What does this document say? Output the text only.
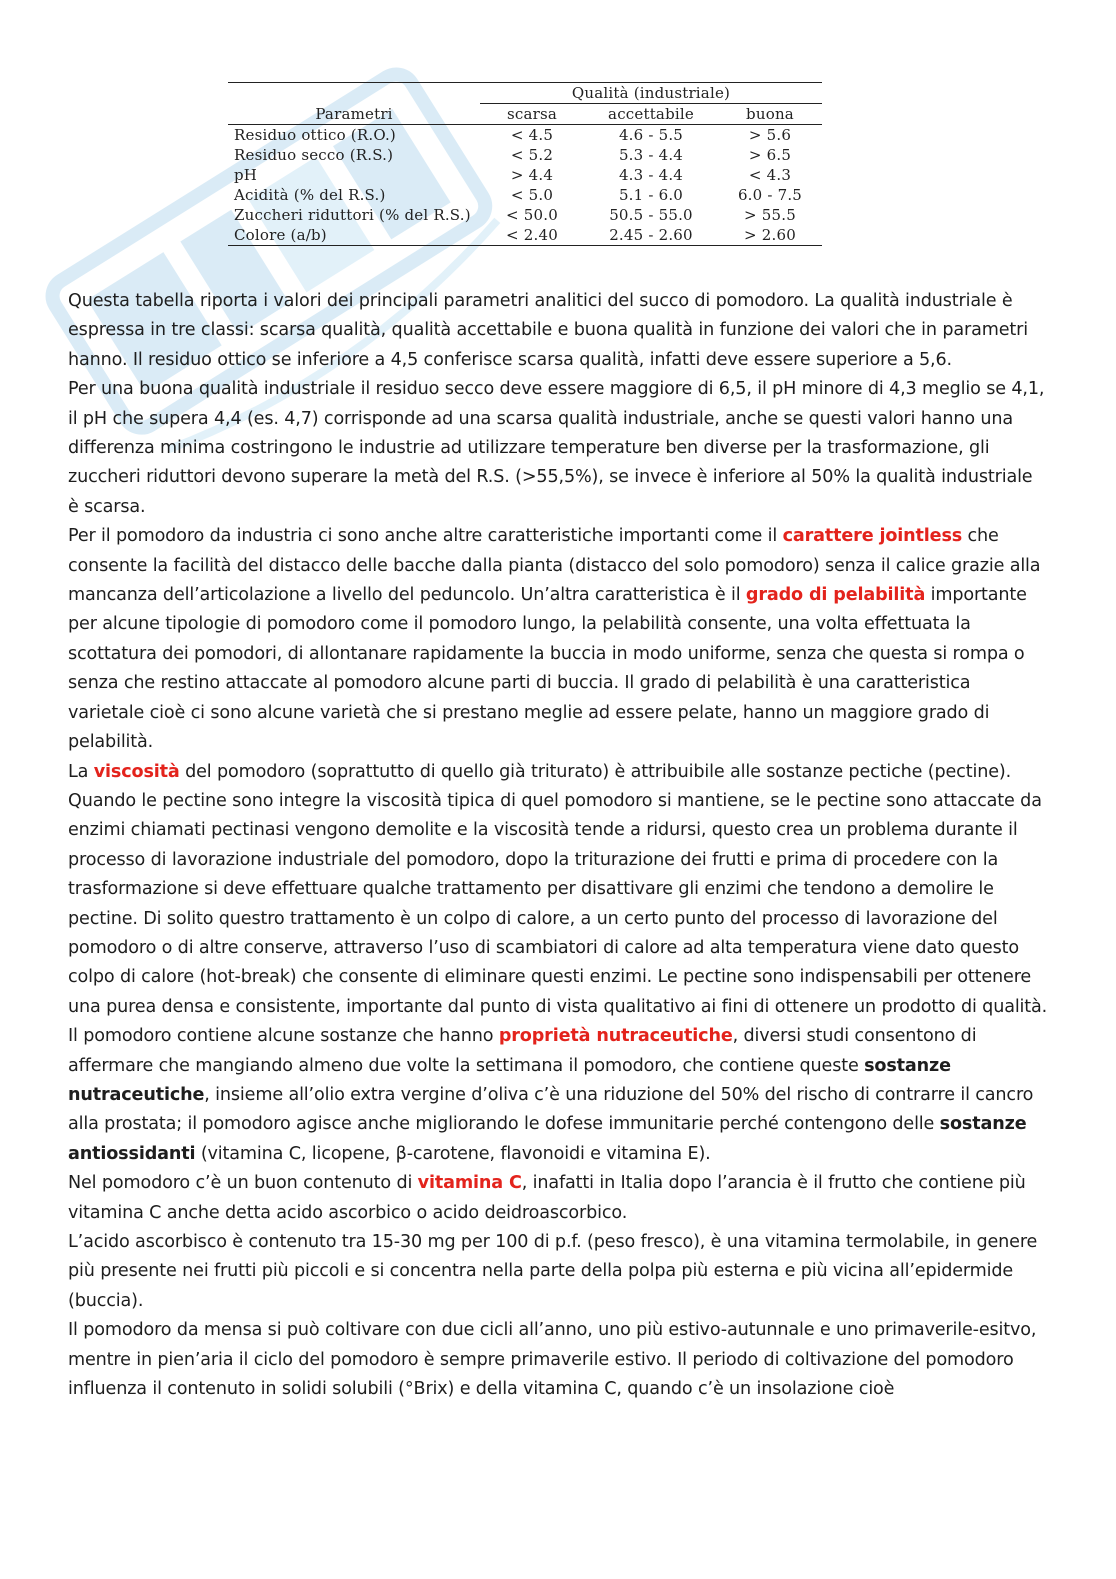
	Qualità (industriale)		
Parametri	scarsa	accettabile	buona
Residuo ottico (R.O.)	< 4.5	4.6 - 5.5	> 5.6
Residuo secco (R.S.)	< 5.2	5.3 - 4.4	> 6.5
pH	> 4.4	4.3 - 4.4	< 4.3
Acidità (% del R.S.)	< 5.0	5.1 - 6.0	6.0 - 7.5
Zuccheri riduttori (% del R.S.)	< 50.0	50.5 - 55.0	> 55.5
Colore (a/b)	< 2.40	2.45 - 2.60	> 2.60

Questa tabella riporta i valori dei principali parametri analitici del succo di pomodoro. La qualità industriale è espressa in tre classi: scarsa qualità, qualità accettabile e buona qualità in funzione dei valori che in parametri hanno. Il residuo ottico se inferiore a 4,5 conferisce scarsa qualità, infatti deve essere superiore a 5,6.

Per una buona qualità industriale il residuo secco deve essere maggiore di 6,5, il pH minore di 4,3 meglio se 4,1, il pH che supera 4,4 (es. 4,7) corrisponde ad una scarsa qualità industriale, anche se questi valori hanno una differenza minima costringono le industrie ad utilizzare temperature ben diverse per la trasformazione, gli zuccheri riduttori devono superare la metà del R.S. (>55,5%), se invece è inferiore al 50% la qualità industriale è scarsa.

Per il pomodoro da industria ci sono anche altre caratteristiche importanti come il carattere jointless che consente la facilità del distacco delle bacche dalla pianta (distacco del solo pomodoro) senza il calice grazie alla mancanza dell’articolazione a livello del peduncolo. Un’altra caratteristica è il grado di pelabilità importante per alcune tipologie di pomodoro come il pomodoro lungo, la pelabilità consente, una volta effettuata la scottatura dei pomodori, di allontanare rapidamente la buccia in modo uniforme, senza che questa si rompa o senza che restino attaccate al pomodoro alcune parti di buccia. Il grado di pelabilità è una caratteristica varietale cioè ci sono alcune varietà che si prestano meglie ad essere pelate, hanno un maggiore grado di pelabilità.

La viscosità del pomodoro (soprattutto di quello già triturato) è attribuibile alle sostanze pectiche (pectine). Quando le pectine sono integre la viscosità tipica di quel pomodoro si mantiene, se le pectine sono attaccate da enzimi chiamati pectinasi vengono demolite e la viscosità tende a ridursi, questo crea un problema durante il processo di lavorazione industriale del pomodoro, dopo la triturazione dei frutti e prima di procedere con la trasformazione si deve effettuare qualche trattamento per disattivare gli enzimi che tendono a demolire le pectine. Di solito questro trattamento è un colpo di calore, a un certo punto del processo di lavorazione del pomodoro o di altre conserve, attraverso l’uso di scambiatori di calore ad alta temperatura viene dato questo colpo di calore (hot-break) che consente di eliminare questi enzimi. Le pectine sono indispensabili per ottenere una purea densa e consistente, importante dal punto di vista qualitativo ai fini di ottenere un prodotto di qualità.

Il pomodoro contiene alcune sostanze che hanno proprietà nutraceutiche, diversi studi consentono di affermare che mangiando almeno due volte la settimana il pomodoro, che contiene queste sostanze nutraceutiche, insieme all’olio extra vergine d’oliva c’è una riduzione del 50% del rischo di contrarre il cancro alla prostata; il pomodoro agisce anche migliorando le dofese immunitarie perché contengono delle sostanze antiossidanti (vitamina C, licopene, β-carotene, flavonoidi e vitamina E).

Nel pomodoro c’è un buon contenuto di vitamina C, inafatti in Italia dopo l’arancia è il frutto che contiene più vitamina C anche detta acido ascorbico o acido deidroascorbico.

L’acido ascorbisco è contenuto tra 15-30 mg per 100 di p.f. (peso fresco), è una vitamina termolabile, in genere più presente nei frutti più piccoli e si concentra nella parte della polpa più esterna e più vicina all’epidermide (buccia).

Il pomodoro da mensa si può coltivare con due cicli all’anno, uno più estivo-autunnale e uno primaverile-esitvo, mentre in pien’aria il ciclo del pomodoro è sempre primaverile estivo. Il periodo di coltivazione del pomodoro influenza il contenuto in solidi solubili (°Brix) e della vitamina C, quando c’è un insolazione cioè
